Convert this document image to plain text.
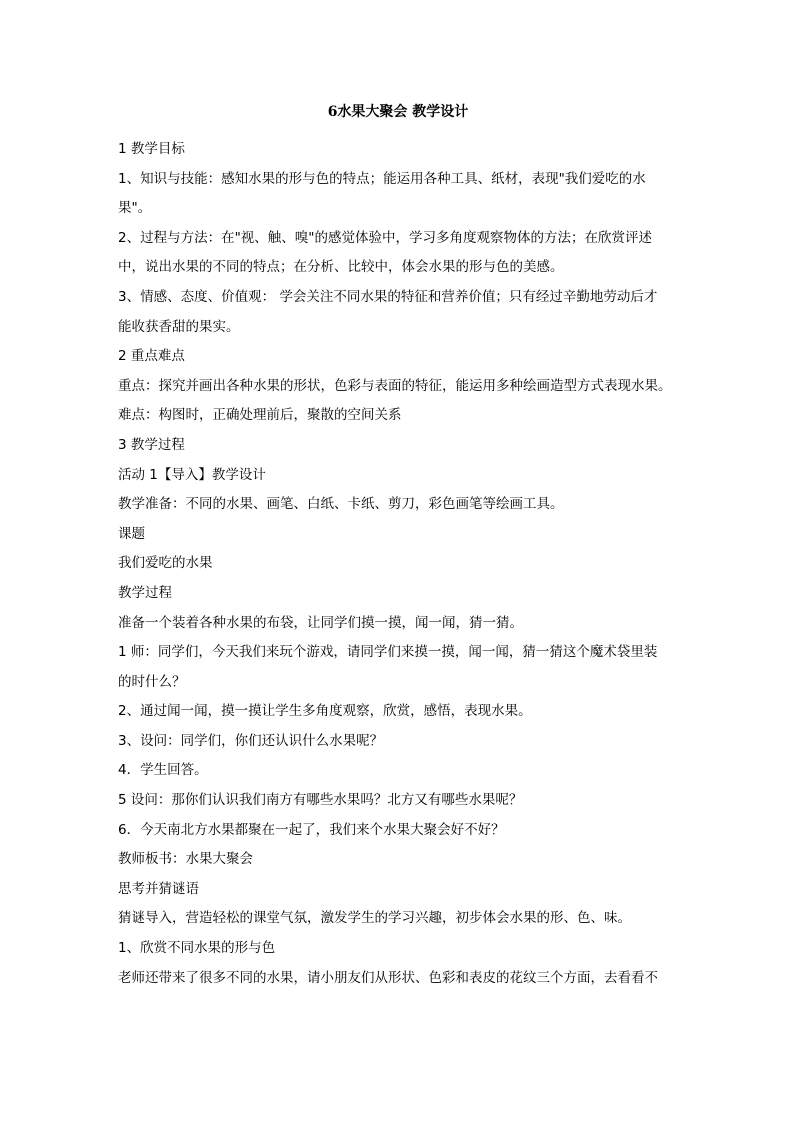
6水果大聚会 教学设计

1 教学目标

1、知识与技能：感知水果的形与色的特点；能运用各种工具、纸材，表现"我们爱吃的水

果"。

2、过程与方法：在"视、触、嗅"的感觉体验中，学习多角度观察物体的方法；在欣赏评述

中，说出水果的不同的特点；在分析、比较中，体会水果的形与色的美感。

3、情感、态度、价值观： 学会关注不同水果的特征和营养价值；只有经过辛勤地劳动后才

能收获香甜的果实。

2 重点难点

重点：探究并画出各种水果的形状，色彩与表面的特征，能运用多种绘画造型方式表现水果。

难点：构图时，正确处理前后，聚散的空间关系

3 教学过程

活动 1【导入】教学设计

教学准备：不同的水果、画笔、白纸、卡纸、剪刀，彩色画笔等绘画工具。

课题

我们爱吃的水果

教学过程

准备一个装着各种水果的布袋，让同学们摸一摸，闻一闻，猜一猜。

1 师：同学们，今天我们来玩个游戏，请同学们来摸一摸，闻一闻，猜一猜这个魔术袋里装

的时什么？

2、通过闻一闻，摸一摸让学生多角度观察，欣赏，感悟，表现水果。

3、设问：同学们，你们还认识什么水果呢？

4．学生回答。

5 设问：那你们认识我们南方有哪些水果吗？北方又有哪些水果呢？

6．今天南北方水果都聚在一起了，我们来个水果大聚会好不好？

教师板书：水果大聚会

思考并猜谜语

猜谜导入，营造轻松的课堂气氛，激发学生的学习兴趣，初步体会水果的形、色、味。

1、欣赏不同水果的形与色

老师还带来了很多不同的水果，请小朋友们从形状、色彩和表皮的花纹三个方面，去看看不
